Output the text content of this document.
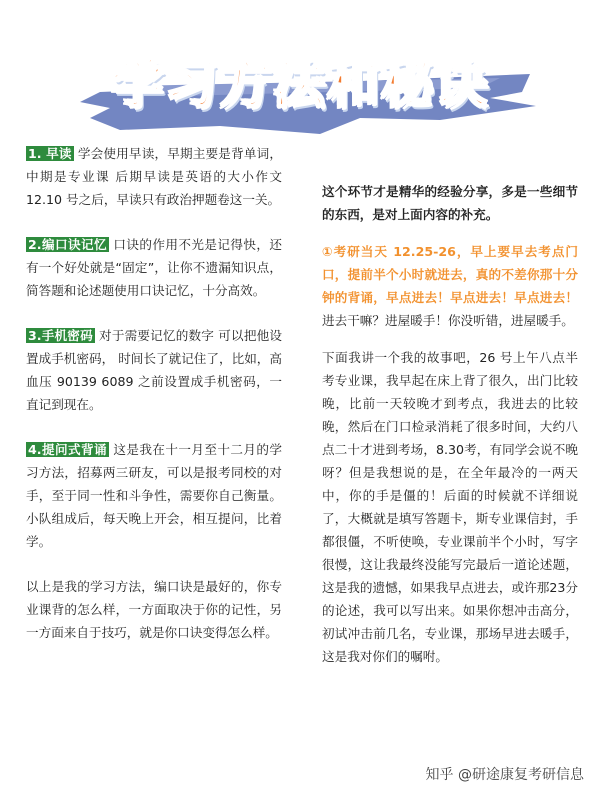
学习方法和秘诀

1. 早读 学会使用早读，早期主要是背单词，中期是专业课 后期早读是英语的大小作文 12.10 号之后，早读只有政治押题卷这一关。

2.编口诀记忆 口诀的作用不光是记得快，还有一个好处就是“固定”，让你不遗漏知识点，简答题和论述题使用口诀记忆，十分高效。

3.手机密码 对于需要记忆的数字 可以把他设置成手机密码， 时间长了就记住了，比如，高血压 90139 6089 之前设置成手机密码，一直记到现在。

4.提问式背诵 这是我在十一月至十二月的学习方法，招募两三研友，可以是报考同校的对手，至于同一性和斗争性，需要你自己衡量。小队组成后，每天晚上开会，相互提问，比着学。

以上是我的学习方法，编口诀是最好的，你专业课背的怎么样，一方面取决于你的记性，另一方面来自于技巧，就是你口诀变得怎么样。

这个环节才是精华的经验分享，多是一些细节的东西，是对上面内容的补充。

①考研当天 12.25-26，早上要早去考点门口，提前半个小时就进去，真的不差你那十分钟的背诵，早点进去！早点进去！早点进去！进去干嘛？进屋暖手！你没听错，进屋暖手。

下面我讲一个我的故事吧，26 号上午八点半考专业课，我早起在床上背了很久，出门比较晚，比前一天较晚才到考点，我进去的比较晚，然后在门口检录消耗了很多时间，大约八点二十才进到考场，8.30考，有同学会说不晚呀？但是我想说的是，在全年最冷的一两天中，你的手是僵的！后面的时候就不详细说了，大概就是填写答题卡，斯专业课信封，手都很僵，不听使唤，专业课前半个小时，写字很慢，这让我最终没能写完最后一道论述题，这是我的遗憾，如果我早点进去，或许那23分的论述，我可以写出来。如果你想冲击高分，初试冲击前几名，专业课，那场早进去暖手，这是我对你们的嘱咐。

知乎 @研途康复考研信息
